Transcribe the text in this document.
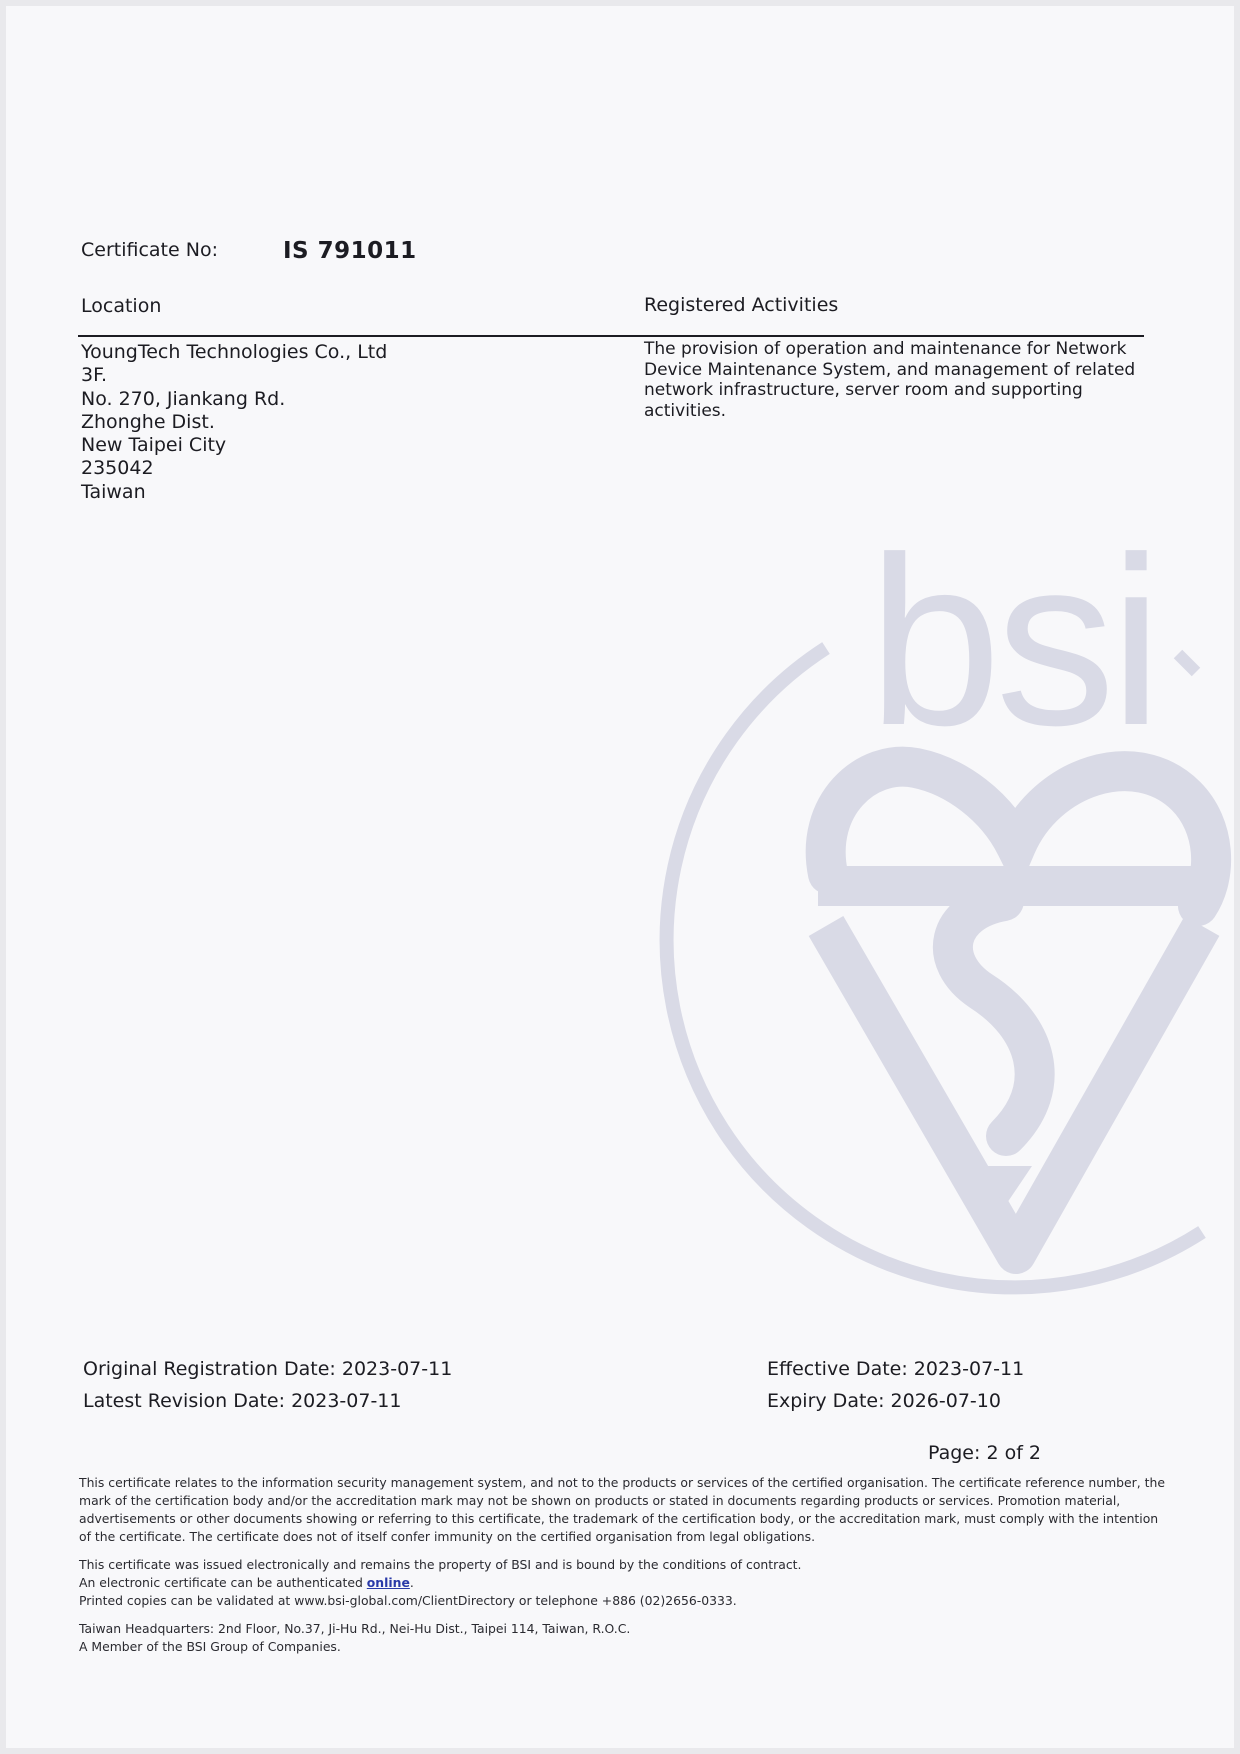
bsi
Certificate No:	IS 791011
Location	Registered Activities
YoungTech Technologies Co., Ltd
3F.
No. 270, Jiankang Rd.
Zhonghe Dist.
New Taipei City
235042
Taiwan
The provision of operation and maintenance for Network Device Maintenance System, and management of related network infrastructure, server room and supporting activities.
Original Registration Date: 2023-07-11
Latest Revision Date: 2023-07-11
Effective Date: 2023-07-11
Expiry Date: 2026-07-10
Page: 2 of 2
This certificate relates to the information security management system, and not to the products or services of the certified organisation. The certificate reference number, the mark of the certification body and/or the accreditation mark may not be shown on products or stated in documents regarding products or services. Promotion material, advertisements or other documents showing or referring to this certificate, the trademark of the certification body, or the accreditation mark, must comply with the intention of the certificate. The certificate does not of itself confer immunity on the certified organisation from legal obligations.
This certificate was issued electronically and remains the property of BSI and is bound by the conditions of contract.
An electronic certificate can be authenticated online.
Printed copies can be validated at www.bsi-global.com/ClientDirectory or telephone +886 (02)2656-0333.
Taiwan Headquarters: 2nd Floor, No.37, Ji-Hu Rd., Nei-Hu Dist., Taipei 114, Taiwan, R.O.C.
A Member of the BSI Group of Companies.
